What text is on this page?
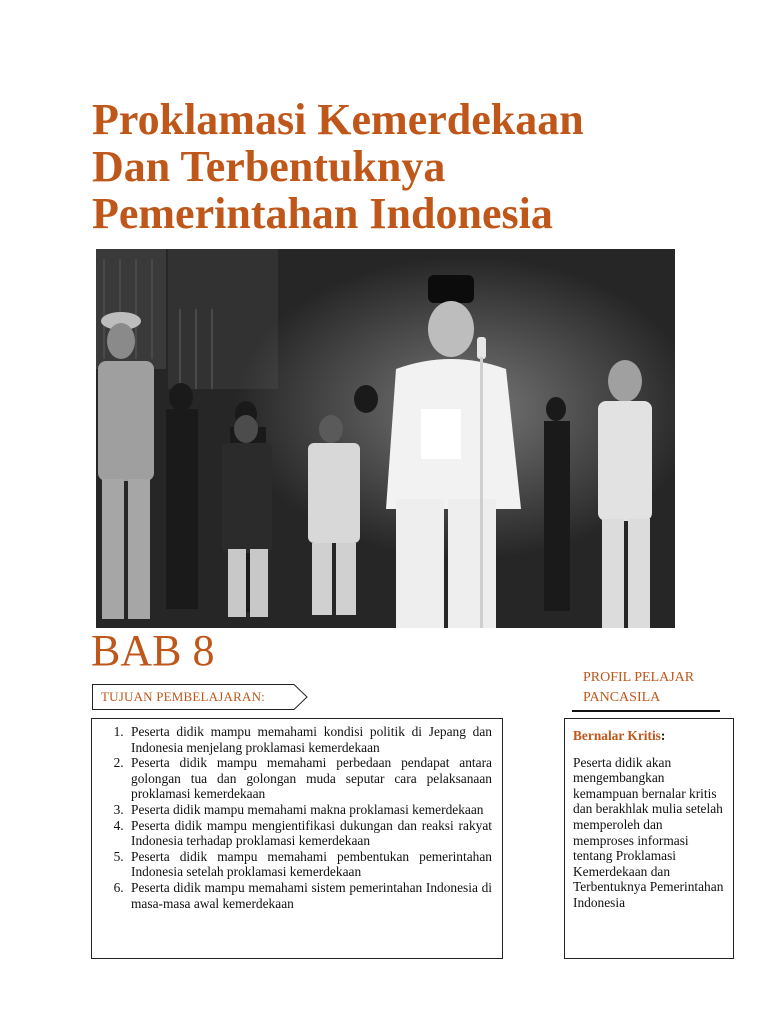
Proklamasi Kemerdekaan
Dan Terbentuknya
Pemerintahan Indonesia
BAB 8
TUJUAN PEMBELAJARAN:
1. Peserta didik mampu memahami kondisi politik di Jepang dan Indonesia menjelang proklamasi kemerdekaan
2. Peserta didik mampu memahami perbedaan pendapat antara golongan tua dan golongan muda seputar cara pelaksanaan proklamasi kemerdekaan
3. Peserta didik mampu memahami makna proklamasi kemerdekaan
4. Peserta didik mampu mengientifikasi dukungan dan reaksi rakyat Indonesia terhadap proklamasi kemerdekaan
5. Peserta didik mampu memahami pembentukan pemerintahan Indonesia setelah proklamasi kemerdekaan
6. Peserta didik mampu memahami sistem pemerintahan Indonesia di masa-masa awal kemerdekaan
PROFIL PELAJAR
PANCASILA
Bernalar Kritis:
Peserta didik akan mengembangkan kemampuan bernalar kritis dan berakhlak mulia setelah memperoleh dan memproses informasi tentang Proklamasi Kemerdekaan dan Terbentuknya Pemerintahan Indonesia
